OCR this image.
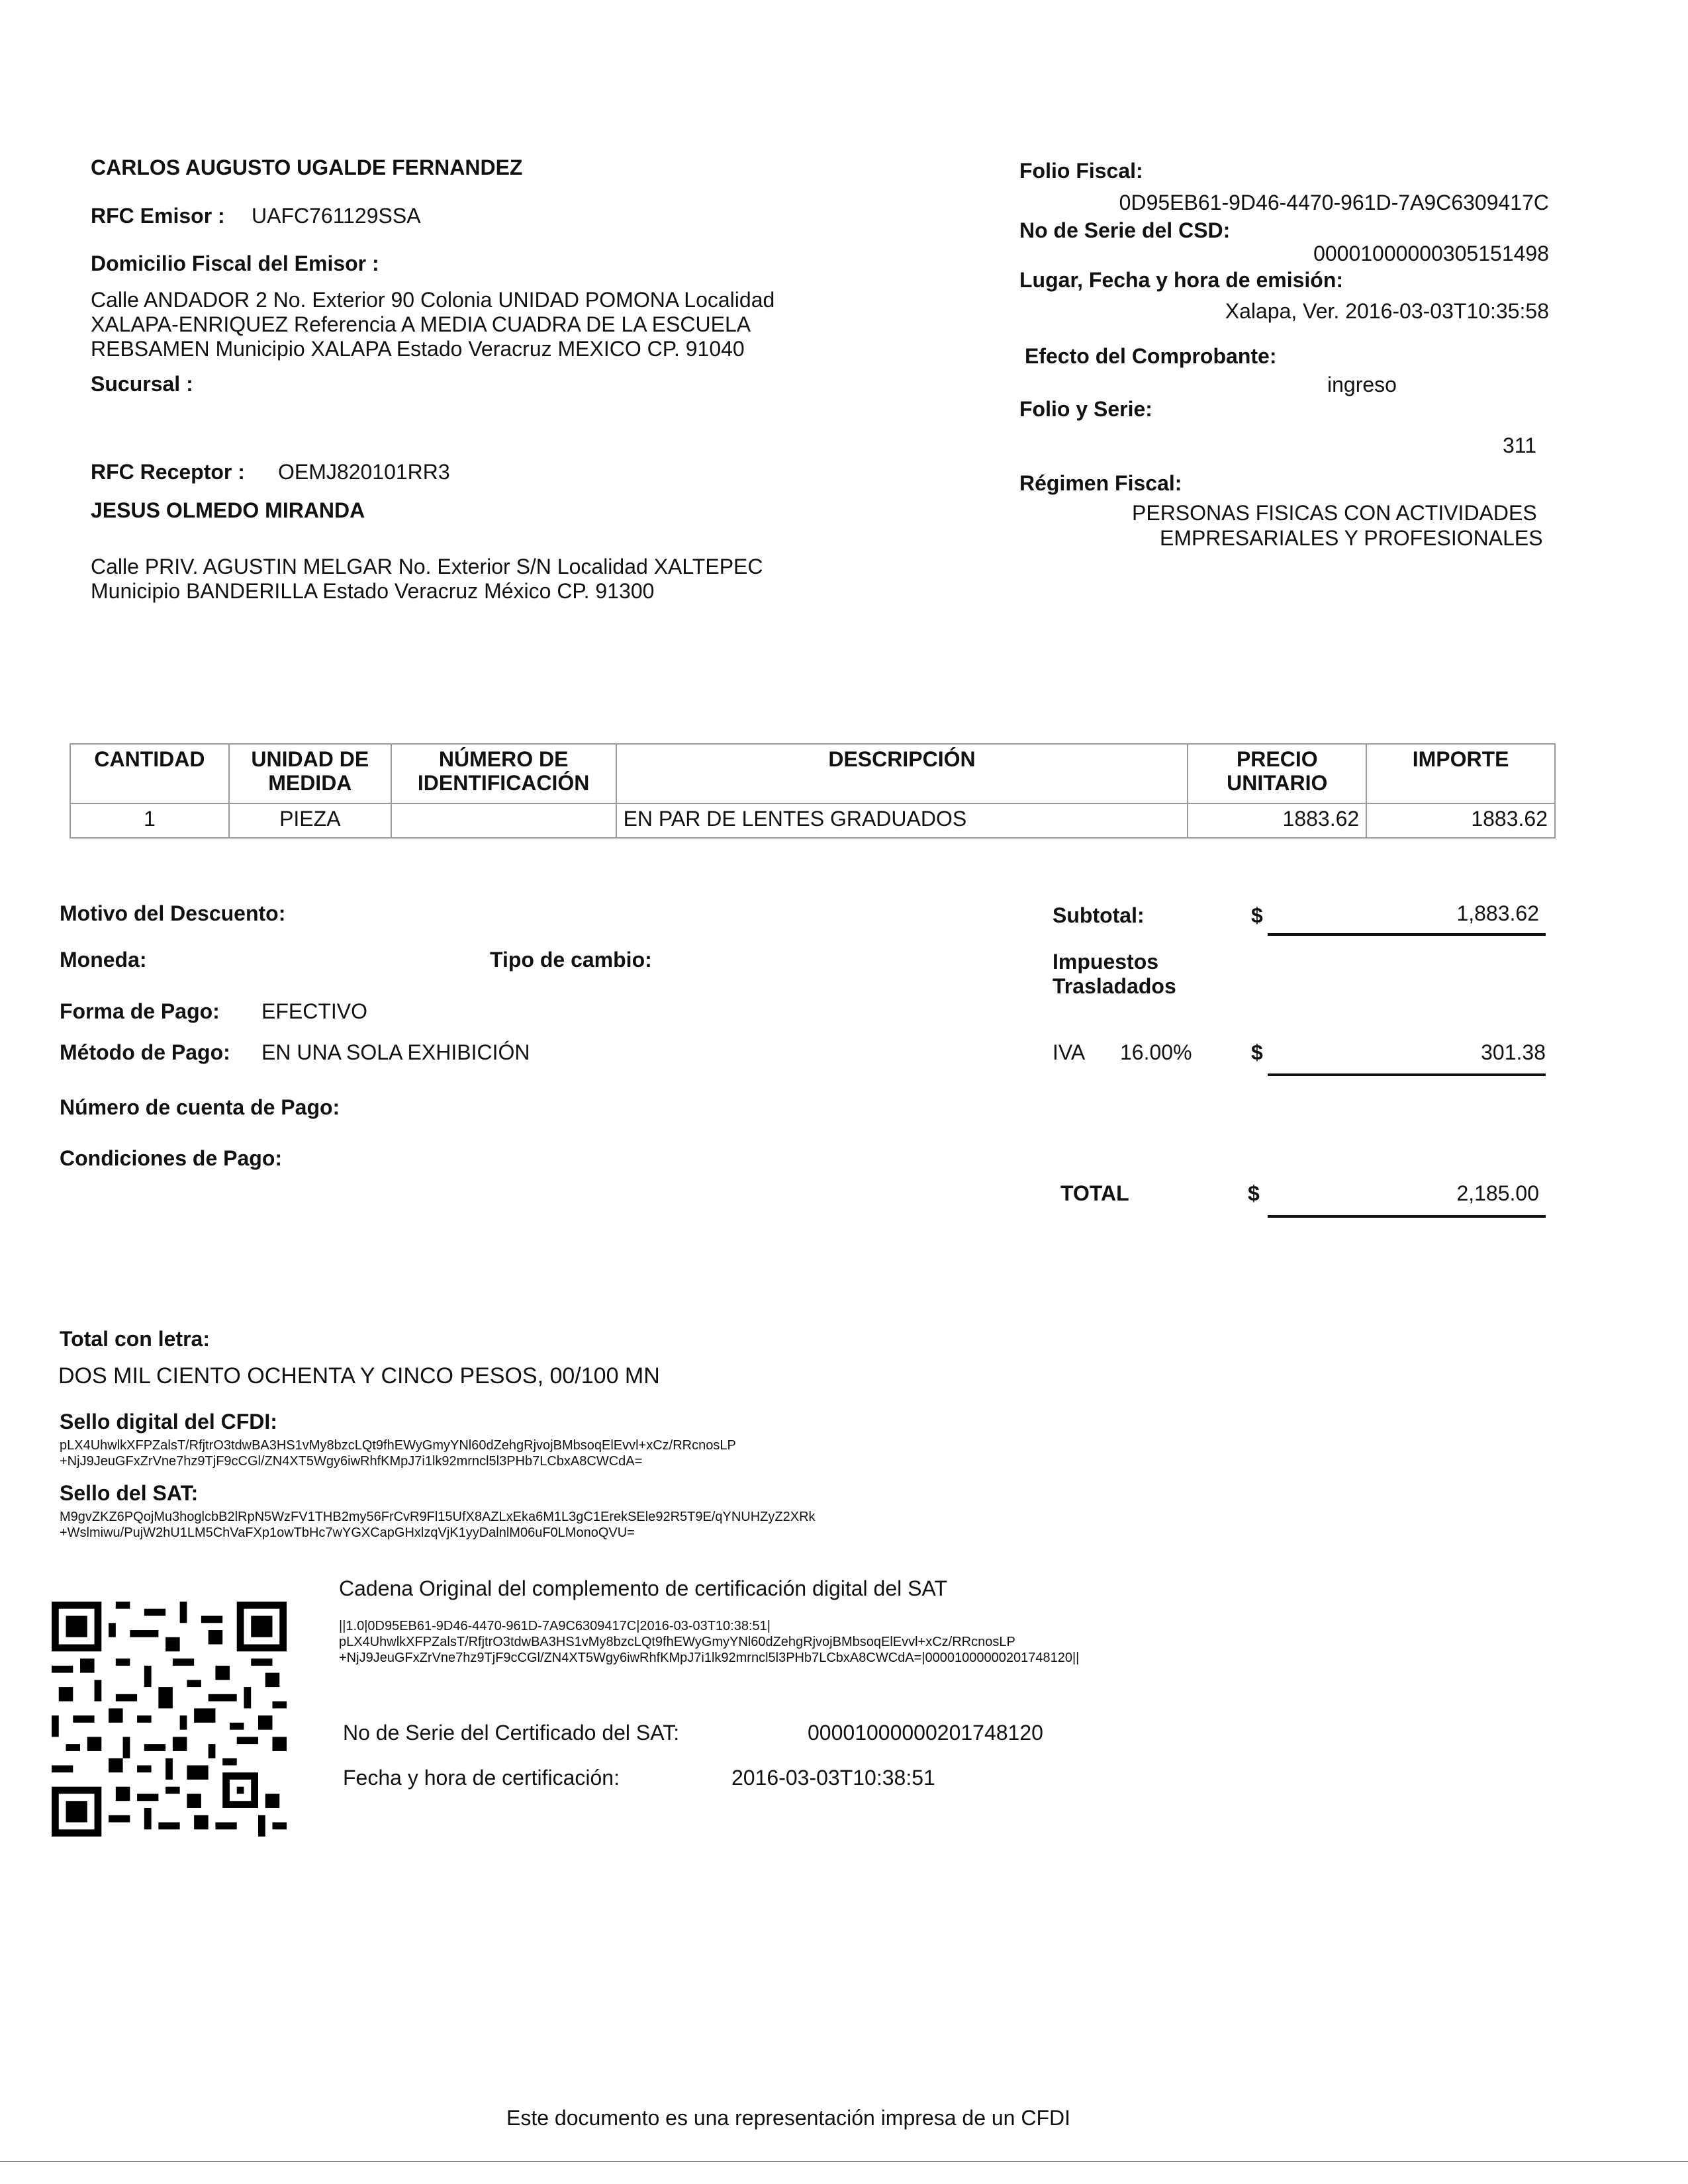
CARLOS AUGUSTO UGALDE FERNANDEZ
RFC Emisor : UAFC761129SSA
Domicilio Fiscal del Emisor :
Calle ANDADOR 2 No. Exterior 90 Colonia UNIDAD POMONA Localidad
XALAPA-ENRIQUEZ Referencia A MEDIA CUADRA DE LA ESCUELA
REBSAMEN Municipio XALAPA Estado Veracruz MEXICO CP. 91040
Sucursal :
RFC Receptor : OEMJ820101RR3
JESUS OLMEDO MIRANDA
Calle PRIV. AGUSTIN MELGAR No. Exterior S/N Localidad XALTEPEC
Municipio BANDERILLA Estado Veracruz México CP. 91300
Folio Fiscal:
0D95EB61-9D46-4470-961D-7A9C6309417C
No de Serie del CSD:
00001000000305151498
Lugar, Fecha y hora de emisión:
Xalapa, Ver. 2016-03-03T10:35:58
Efecto del Comprobante:
ingreso
Folio y Serie:
311
Régimen Fiscal:
PERSONAS FISICAS CON ACTIVIDADES
EMPRESARIALES Y PROFESIONALES
CANTIDAD	UNIDAD DE MEDIDA	NÚMERO DE IDENTIFICACIÓN	DESCRIPCIÓN	PRECIO UNITARIO	IMPORTE
1	PIEZA		EN PAR DE LENTES GRADUADOS	1883.62	1883.62
Motivo del Descuento:
Moneda:	Tipo de cambio:
Forma de Pago: EFECTIVO
Método de Pago: EN UNA SOLA EXHIBICIÓN
Número de cuenta de Pago:
Condiciones de Pago:
Subtotal:	$	1,883.62
Impuestos
Trasladados
IVA 16.00%	$	301.38
TOTAL	$	2,185.00
Total con letra:
DOS MIL CIENTO OCHENTA Y CINCO PESOS, 00/100 MN
Sello digital del CFDI:
pLX4UhwlkXFPZalsT/RfjtrO3tdwBA3HS1vMy8bzcLQt9fhEWyGmyYNl60dZehgRjvojBMbsoqElEvvl+xCz/RRcnosLP
+NjJ9JeuGFxZrVne7hz9TjF9cCGl/ZN4XT5Wgy6iwRhfKMpJ7i1lk92mrncl5l3PHb7LCbxA8CWCdA=
Sello del SAT:
M9gvZKZ6PQojMu3hoglcbB2lRpN5WzFV1THB2my56FrCvR9Fl15UfX8AZLxEka6M1L3gC1ErekSEle92R5T9E/qYNUHZyZ2XRk
+Wslmiwu/PujW2hU1LM5ChVaFXp1owTbHc7wYGXCapGHxlzqVjK1yyDalnlM06uF0LMonoQVU=
Cadena Original del complemento de certificación digital del SAT
||1.0|0D95EB61-9D46-4470-961D-7A9C6309417C|2016-03-03T10:38:51|
pLX4UhwlkXFPZalsT/RfjtrO3tdwBA3HS1vMy8bzcLQt9fhEWyGmyYNl60dZehgRjvojBMbsoqElEvvl+xCz/RRcnosLP
+NjJ9JeuGFxZrVne7hz9TjF9cCGl/ZN4XT5Wgy6iwRhfKMpJ7i1lk92mrncl5l3PHb7LCbxA8CWCdA=|00001000000201748120||
No de Serie del Certificado del SAT:	00001000000201748120
Fecha y hora de certificación:	2016-03-03T10:38:51
Este documento es una representación impresa de un CFDI
